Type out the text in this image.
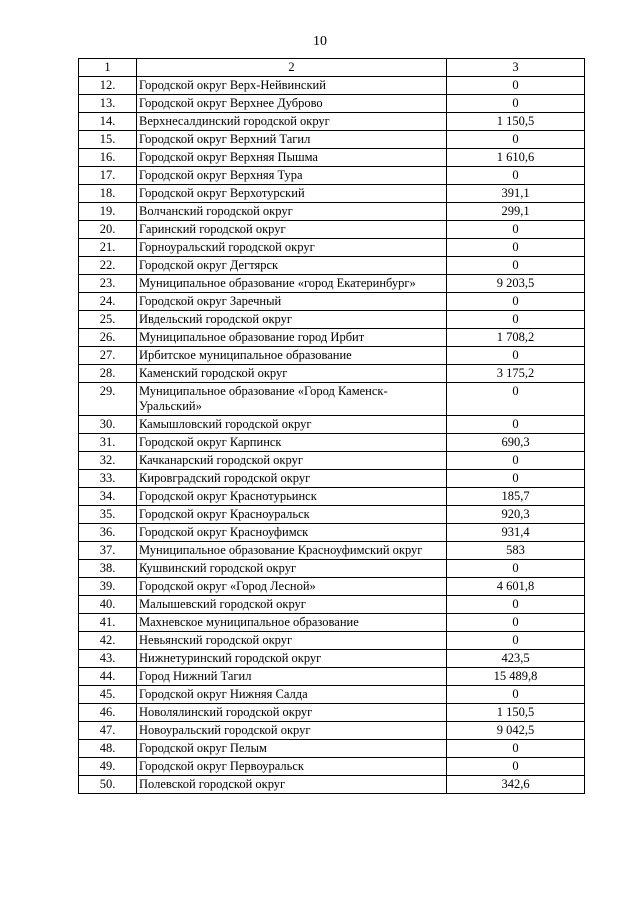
10
1	2	3
12.	Городской округ Верх-Нейвинский	0
13.	Городской округ Верхнее Дуброво	0
14.	Верхнесалдинский городской округ	1 150,5
15.	Городской округ Верхний Тагил	0
16.	Городской округ Верхняя Пышма	1 610,6
17.	Городской округ Верхняя Тура	0
18.	Городской округ Верхотурский	391,1
19.	Волчанский городской округ	299,1
20.	Гаринский городской округ	0
21.	Горноуральский городской округ	0
22.	Городской округ Дегтярск	0
23.	Муниципальное образование «город Екатеринбург»	9 203,5
24.	Городской округ Заречный	0
25.	Ивдельский городской округ	0
26.	Муниципальное образование город Ирбит	1 708,2
27.	Ирбитское муниципальное образование	0
28.	Каменский городской округ	3 175,2
29.	Муниципальное образование «Город Каменск-Уральский»	0
30.	Камышловский городской округ	0
31.	Городской округ Карпинск	690,3
32.	Качканарский городской округ	0
33.	Кировградский городской округ	0
34.	Городской округ Краснотурьинск	185,7
35.	Городской округ Красноуральск	920,3
36.	Городской округ Красноуфимск	931,4
37.	Муниципальное образование Красноуфимский округ	583
38.	Кушвинский городской округ	0
39.	Городской округ «Город Лесной»	4 601,8
40.	Малышевский городской округ	0
41.	Махневское муниципальное образование	0
42.	Невьянский городской округ	0
43.	Нижнетуринский городской округ	423,5
44.	Город Нижний Тагил	15 489,8
45.	Городской округ Нижняя Салда	0
46.	Новолялинский городской округ	1 150,5
47.	Новоуральский городской округ	9 042,5
48.	Городской округ Пелым	0
49.	Городской округ Первоуральск	0
50.	Полевской городской округ	342,6
